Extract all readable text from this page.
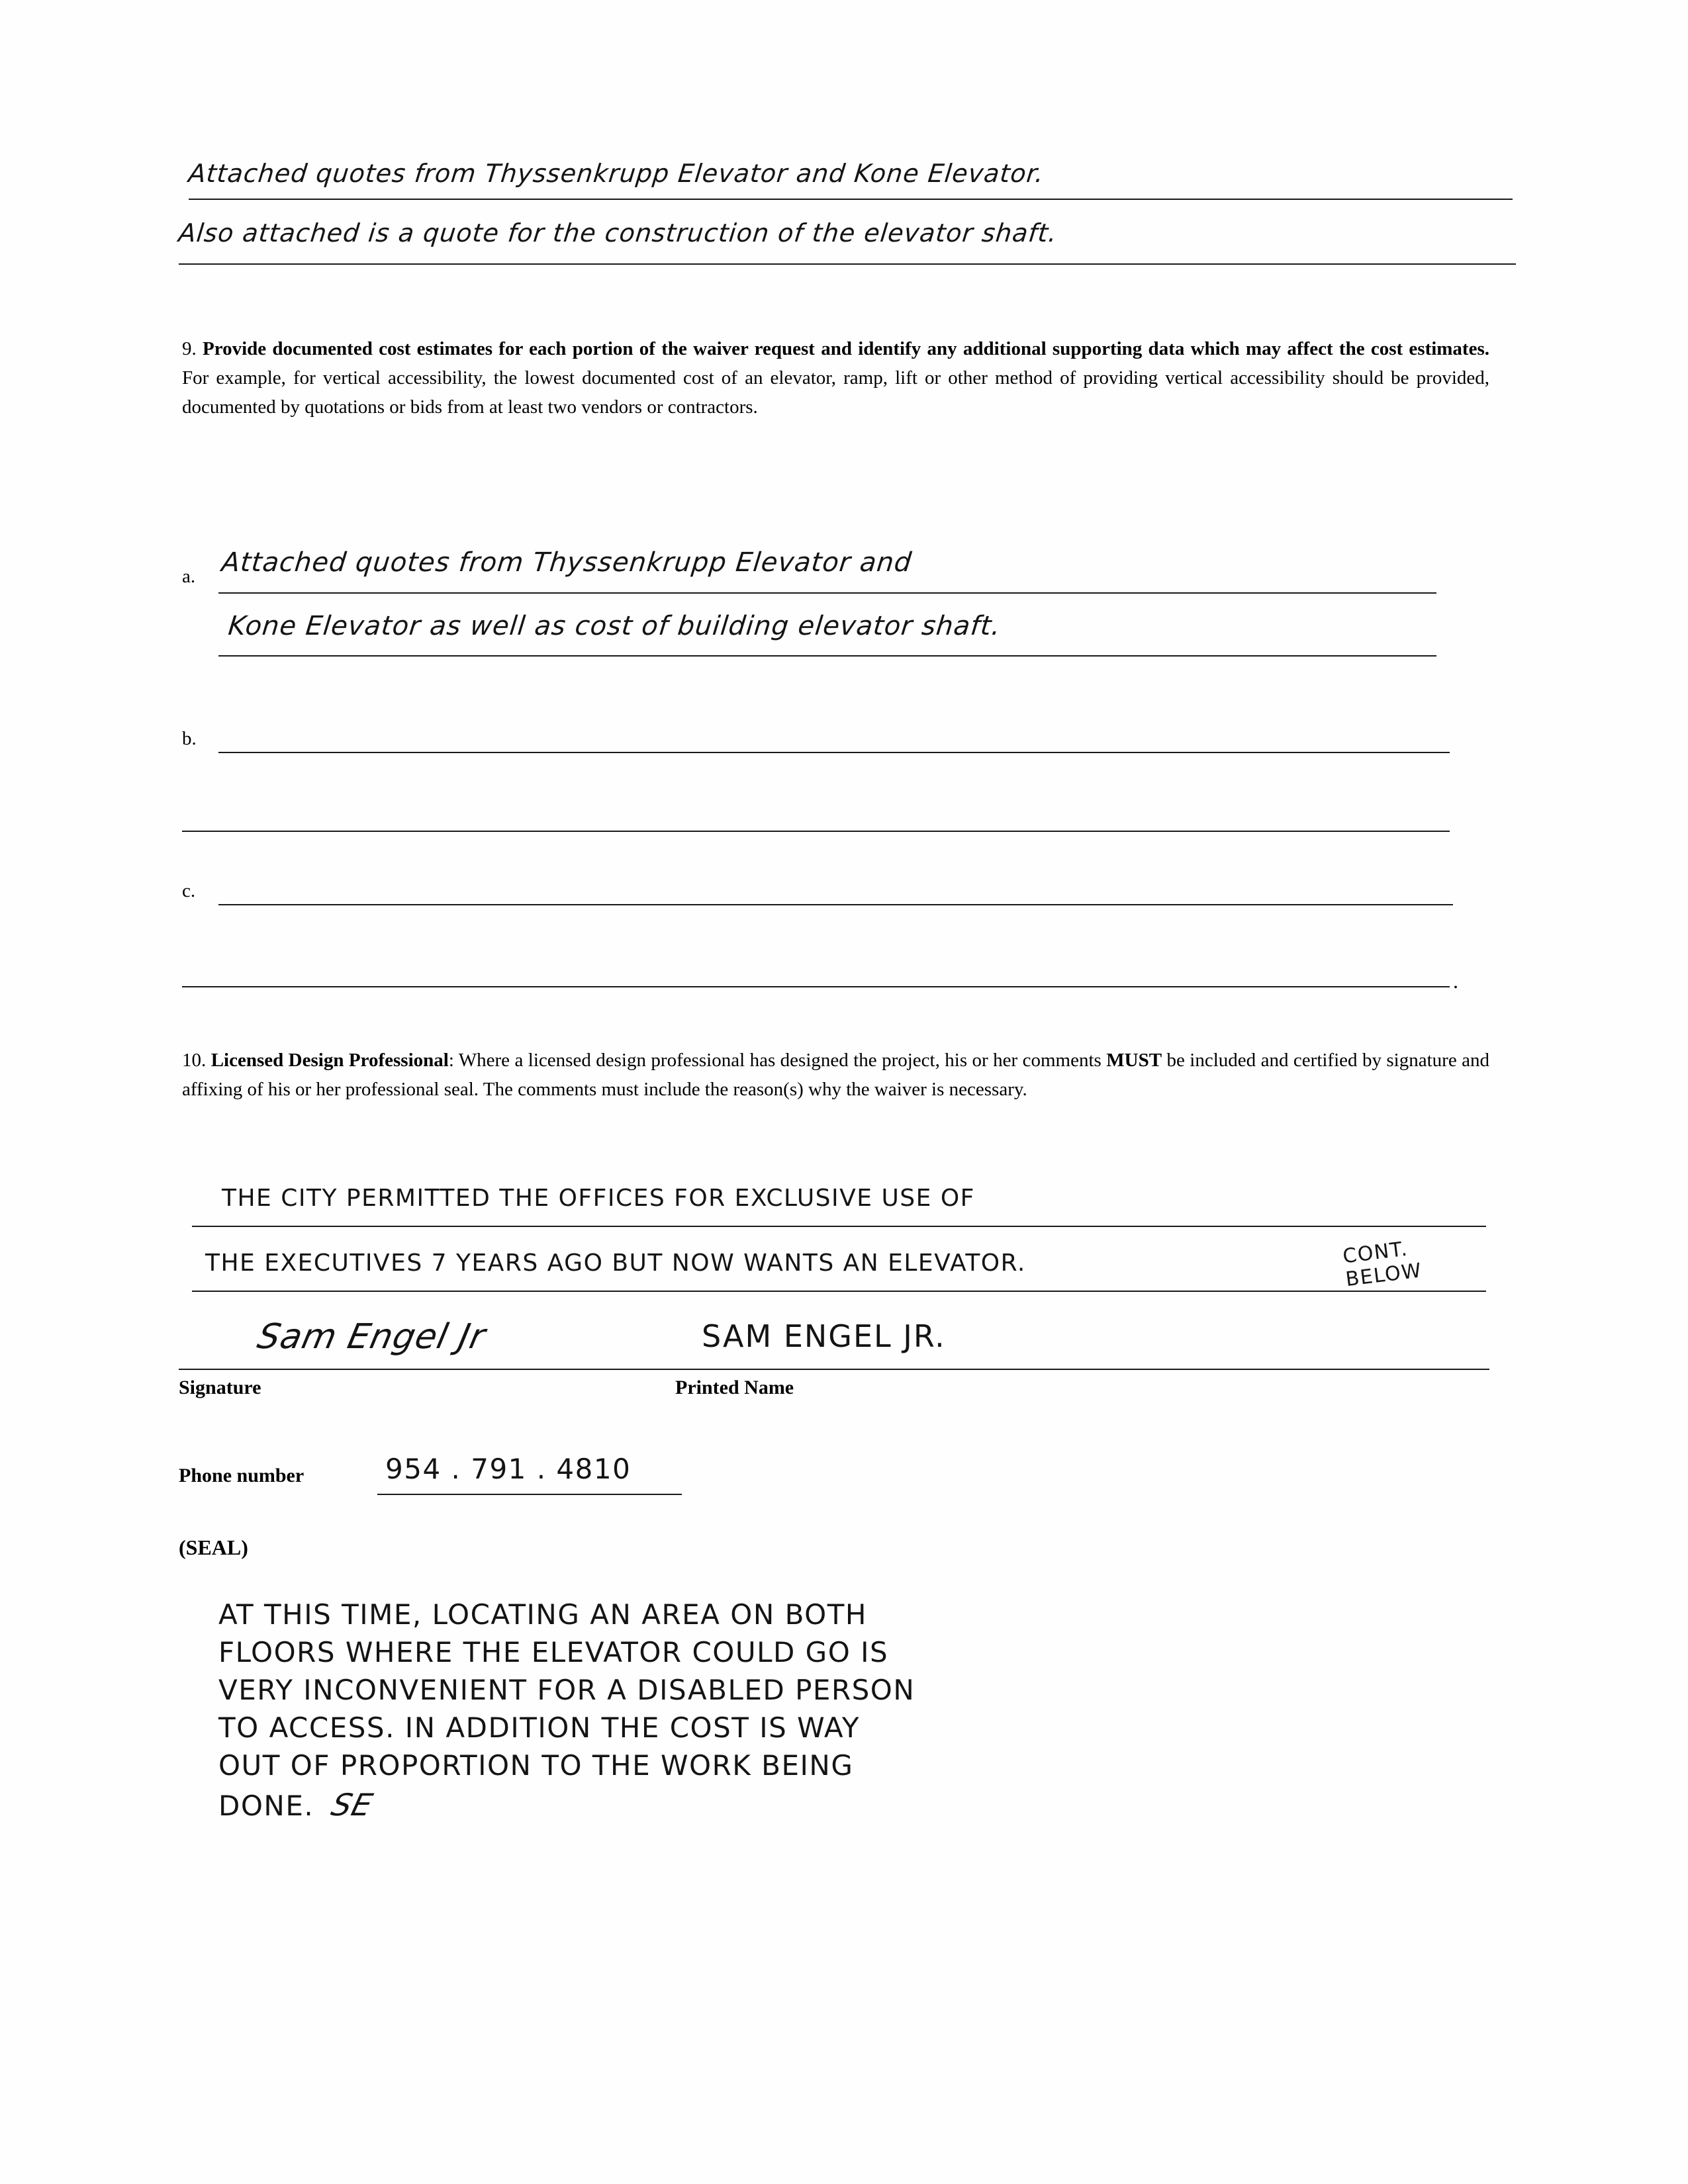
Attached quotes from Thyssenkrupp Elevator and Kone Elevator.
Also attached is a quote for the construction of the elevator shaft.

9. Provide documented cost estimates for each portion of the waiver request and identify any additional supporting data which may affect the cost estimates. For example, for vertical accessibility, the lowest documented cost of an elevator, ramp, lift or other method of providing vertical accessibility should be provided, documented by quotations or bids from at least two vendors or contractors.

a. Attached quotes from Thyssenkrupp Elevator and
Kone Elevator as well as cost of building elevator shaft.
b.
c.
.

10. Licensed Design Professional: Where a licensed design professional has designed the project, his or her comments MUST be included and certified by signature and affixing of his or her professional seal. The comments must include the reason(s) why the waiver is necessary.

THE CITY PERMITTED THE OFFICES FOR EXCLUSIVE USE OF
THE EXECUTIVES 7 YEARS AGO BUT NOW WANTS AN ELEVATOR.	CONT. BELOW
Sam Engel Jr
Signature
SAM ENGEL JR.
Printed Name
Phone number	954 . 791 . 4810
(SEAL)
AT THIS TIME, LOCATING AN AREA ON BOTH
FLOORS WHERE THE ELEVATOR COULD GO IS
VERY INCONVENIENT FOR A DISABLED PERSON
TO ACCESS. IN ADDITION THE COST IS WAY
OUT OF PROPORTION TO THE WORK BEING
DONE. SE
